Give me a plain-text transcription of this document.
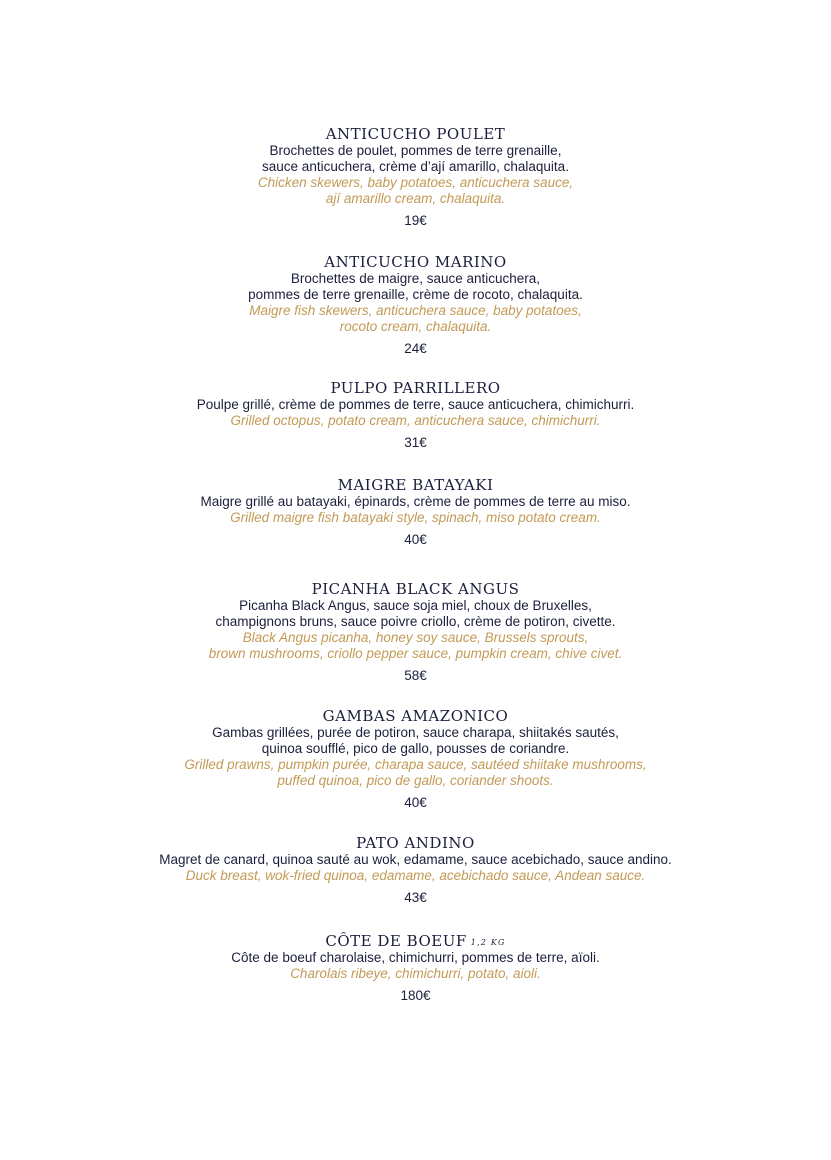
ANTICUCHO POULET

Brochettes de poulet, pommes de terre grenaille,

sauce anticuchera, crème d’ají amarillo, chalaquita.

Chicken skewers, baby potatoes, anticuchera sauce,

ají amarillo cream, chalaquita.

19€
ANTICUCHO MARINO

Brochettes de maigre, sauce anticuchera,

pommes de terre grenaille, crème de rocoto, chalaquita.

Maigre fish skewers, anticuchera sauce, baby potatoes,

rocoto cream, chalaquita.

24€
PULPO PARRILLERO

Poulpe grillé, crème de pommes de terre, sauce anticuchera, chimichurri.

Grilled octopus, potato cream, anticuchera sauce, chimichurri.

31€
MAIGRE BATAYAKI

Maigre grillé au batayaki, épinards, crème de pommes de terre au miso.

Grilled maigre fish batayaki style, spinach, miso potato cream.

40€
PICANHA BLACK ANGUS

Picanha Black Angus, sauce soja miel, choux de Bruxelles,

champignons bruns, sauce poivre criollo, crème de potiron, civette.

Black Angus picanha, honey soy sauce, Brussels sprouts,

brown mushrooms, criollo pepper sauce, pumpkin cream, chive civet.

58€
GAMBAS AMAZONICO

Gambas grillées, purée de potiron, sauce charapa, shiitakés sautés,

quinoa soufflé, pico de gallo, pousses de coriandre.

Grilled prawns, pumpkin purée, charapa sauce, sautéed shiitake mushrooms,

puffed quinoa, pico de gallo, coriander shoots.

40€
PATO ANDINO

Magret de canard, quinoa sauté au wok, edamame, sauce acebichado, sauce andino.

Duck breast, wok-fried quinoa, edamame, acebichado sauce, Andean sauce.

43€
CÔTE DE BOEUF 1,2 KG

Côte de boeuf charolaise, chimichurri, pommes de terre, aïoli.

Charolais ribeye, chimichurri, potato, aioli.

180€
